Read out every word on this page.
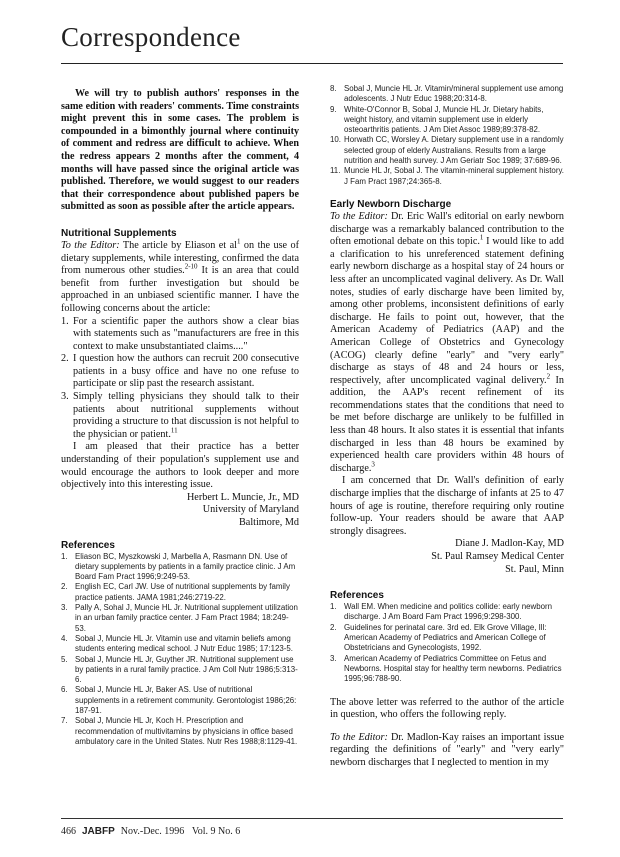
Correspondence

We will try to publish authors' responses in the same edition with readers' comments. Time constraints might prevent this in some cases. The problem is compounded in a bimonthly journal where continuity of comment and redress are difficult to achieve. When the redress appears 2 months after the comment, 4 months will have passed since the original article was published. Therefore, we would suggest to our readers that their correspondence about published papers be submitted as soon as possible after the article appears.

Nutritional Supplements

To the Editor: The article by Eliason et $al^1$ on the use of dietary supplements, while interesting, confirmed the data from numerous other studies.$^{2-10}$ It is an area that could benefit from further investigation but should be approached in an unbiased scientific manner. I have the following concerns about the article:

1. For a scientific paper the authors show a clear bias with statements such as "manufacturers are free in this context to make unsubstantiated claims...."
2. I question how the authors can recruit 200 consecutive patients in a busy office and have no one refuse to participate or slip past the research assistant.
3. Simply telling physicians they should talk to their patients about nutritional supplements without providing a structure to that discussion is not helpful to the physician or patient.$^{11}$

I am pleased that their practice has a better understanding of their population's supplement use and would encourage the authors to look deeper and more objectively into this interesting issue.

Herbert L. Muncie, Jr., MD
University of Maryland
Baltimore, Md

References

1. Eliason BC, Myszkowski J, Marbella A, Rasmann DN. Use of dietary supplements by patients in a family practice clinic. J Am Board Fam Pract 1996;9:249-53.
2. English EC, Carl JW. Use of nutritional supplements by family practice patients. JAMA 1981;246:2719-22.
3. Pally A, Sohal J, Muncie HL Jr. Nutritional supplement utilization in an urban family practice center. J Fam Pract 1984; 18:249-53.
4. Sobal J, Muncie HL Jr. Vitamin use and vitamin beliefs among students entering medical school. J Nutr Educ 1985; 17:123-5.
5. Sobal J, Muncie HL Jr, Guyther JR. Nutritional supplement use by patients in a rural family practice. J Am Coll Nutr 1986;5:313-6.
6. Sobal J, Muncie HL Jr, Baker AS. Use of nutritional supplements in a retirement community. Gerontologist 1986;26: 187-91.
7. Sobal J, Muncie HL Jr, Koch H. Prescription and recommendation of multivitamins by physicians in office based ambulatory care in the United States. Nutr Res 1988;8:1129-41.
8. Sobal J, Muncie HL Jr. Vitamin/mineral supplement use among adolescents. J Nutr Educ 1988;20:314-8.
9. White-O'Connor B, Sobal J, Muncie HL Jr. Dietary habits, weight history, and vitamin supplement use in elderly osteoarthritis patients. J Am Diet Assoc 1989;89:378-82.
10. Horwath CC, Worsley A. Dietary supplement use in a randomly selected group of elderly Australians. Results from a large nutrition and health survey. J Am Geriatr Soc 1989; 37:689-96.
11. Muncie HL Jr, Sobal J. The vitamin-mineral supplement history. J Fam Pract 1987;24:365-8.

Early Newborn Discharge

To the Editor: Dr. Eric Wall's editorial on early newborn discharge was a remarkably balanced contribution to the often emotional debate on this topic.$^1$ I would like to add a clarification to his unreferenced statement defining early newborn discharge as a hospital stay of 24 hours or less after an uncomplicated vaginal delivery. As Dr. Wall notes, studies of early discharge have been limited by, among other problems, inconsistent definitions of early discharge. He fails to point out, however, that the American Academy of Pediatrics (AAP) and the American College of Obstetrics and Gynecology (ACOG) clearly define "early" and "very early" discharge as stays of 48 and 24 hours or less, respectively, after uncomplicated vaginal delivery.$^2$ In addition, the AAP's recent refinement of its recommendations states that the conditions that need to be met before discharge are unlikely to be fulfilled in less than 48 hours. It also states it is essential that infants discharged in less than 48 hours be examined by experienced health care providers within 48 hours of discharge.$^3$

I am concerned that Dr. Wall's definition of early discharge implies that the discharge of infants at 25 to 47 hours of age is routine, therefore requiring only routine follow-up. Your readers should be aware that AAP strongly disagrees.

Diane J. Madlon-Kay, MD
St. Paul Ramsey Medical Center
St. Paul, Minn

References

1. Wall EM. When medicine and politics collide: early newborn discharge. J Am Board Fam Pract 1996;9:298-300.
2. Guidelines for perinatal care. 3rd ed. Elk Grove Village, Ill: American Academy of Pediatrics and American College of Obstetricians and Gynecologists, 1992.
3. American Academy of Pediatrics Committee on Fetus and Newborns. Hospital stay for healthy term newborns. Pediatrics 1995;96:788-90.

The above letter was referred to the author of the article in question, who offers the following reply.

To the Editor: Dr. Madlon-Kay raises an important issue regarding the definitions of "early" and "very early" newborn discharges that I neglected to mention in my

466 JABFP Nov.-Dec. 1996 Vol. 9 No. 6
